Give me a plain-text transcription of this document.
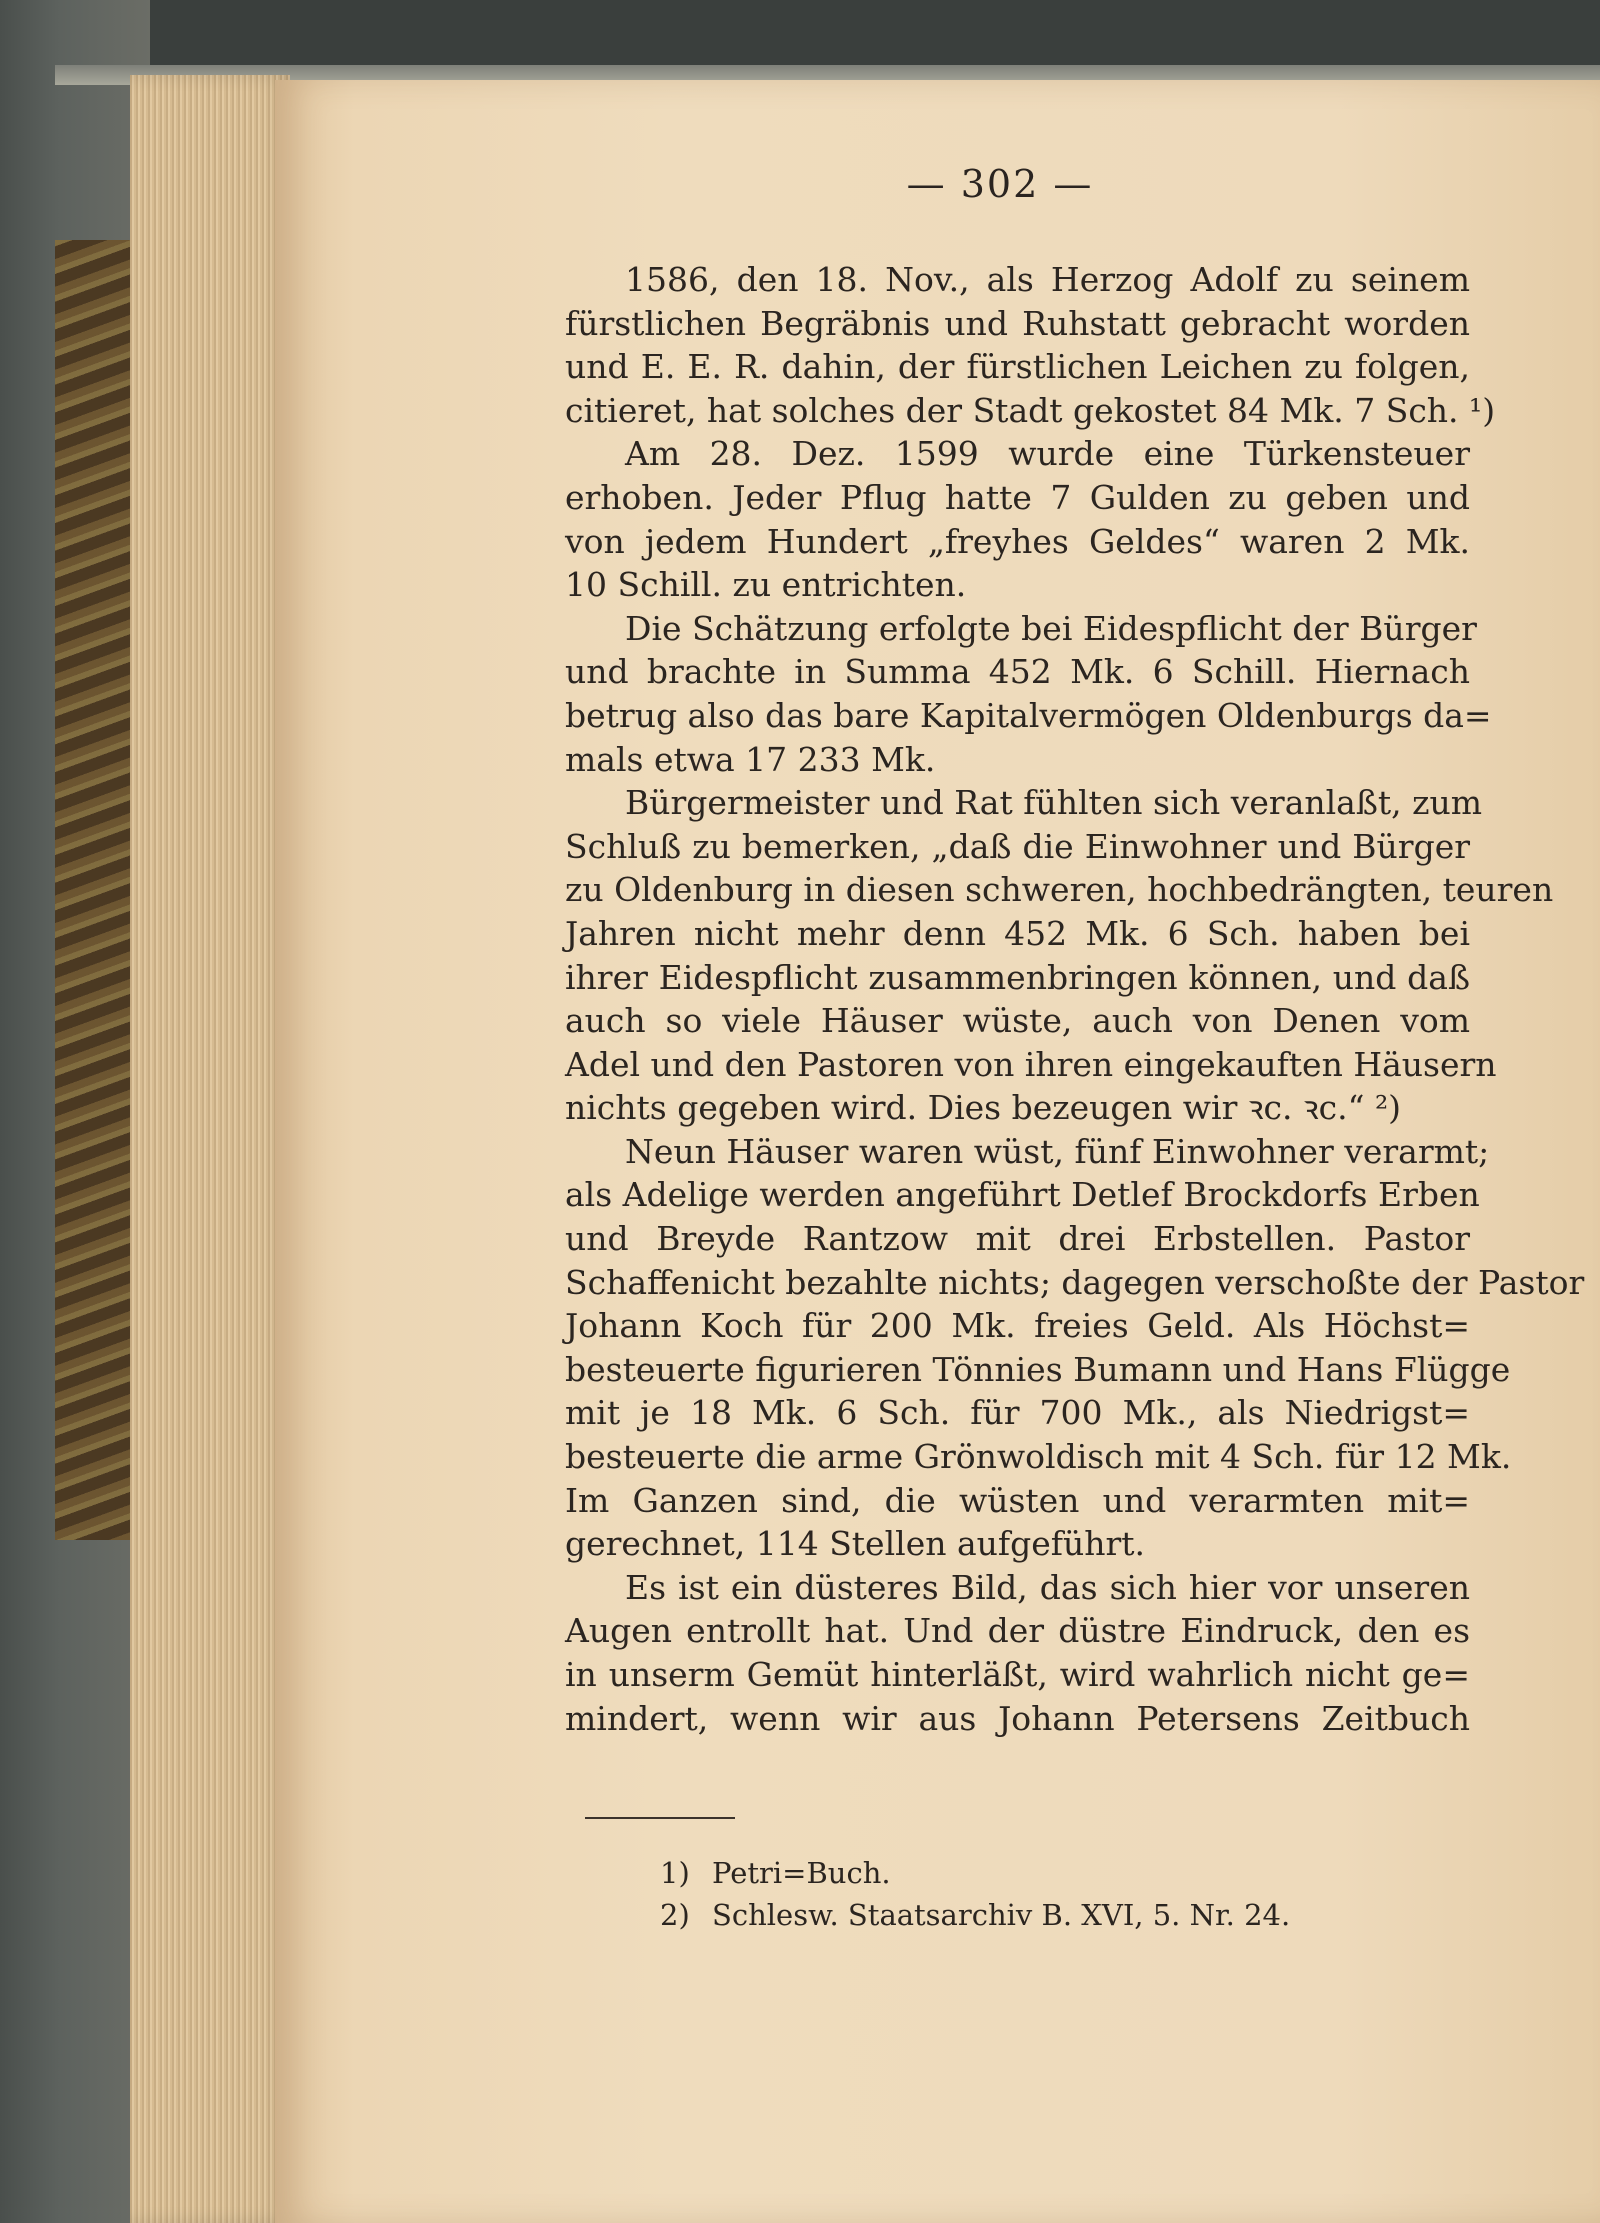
— 302 —
1586, den 18. Nov., als Herzog Adolf zu seinem
fürstlichen Begräbnis und Ruhstatt gebracht worden
und E. E. R. dahin, der fürstlichen Leichen zu folgen,
citieret, hat solches der Stadt gekostet 84 Mk. 7 Sch. ¹)
Am 28. Dez. 1599 wurde eine Türkensteuer
erhoben. Jeder Pflug hatte 7 Gulden zu geben und
von jedem Hundert „freyhes Geldes“ waren 2 Mk.
10 Schill. zu entrichten.
Die Schätzung erfolgte bei Eidespflicht der Bürger
und brachte in Summa 452 Mk. 6 Schill. Hiernach
betrug also das bare Kapitalvermögen Oldenburgs da=
mals etwa 17 233 Mk.
Bürgermeister und Rat fühlten sich veranlaßt, zum
Schluß zu bemerken, „daß die Einwohner und Bürger
zu Oldenburg in diesen schweren, hochbedrängten, teuren
Jahren nicht mehr denn 452 Mk. 6 Sch. haben bei
ihrer Eidespflicht zusammenbringen können, und daß
auch so viele Häuser wüste, auch von Denen vom
Adel und den Pastoren von ihren eingekauften Häusern
nichts gegeben wird. Dies bezeugen wir ꝛc. ꝛc.“ ²)
Neun Häuser waren wüst, fünf Einwohner verarmt;
als Adelige werden angeführt Detlef Brockdorfs Erben
und Breyde Rantzow mit drei Erbstellen. Pastor
Schaffenicht bezahlte nichts; dagegen verschoßte der Pastor
Johann Koch für 200 Mk. freies Geld. Als Höchst=
besteuerte figurieren Tönnies Bumann und Hans Flügge
mit je 18 Mk. 6 Sch. für 700 Mk., als Niedrigst=
besteuerte die arme Grönwoldisch mit 4 Sch. für 12 Mk.
Im Ganzen sind, die wüsten und verarmten mit=
gerechnet, 114 Stellen aufgeführt.
Es ist ein düsteres Bild, das sich hier vor unseren
Augen entrollt hat. Und der düstre Eindruck, den es
in unserm Gemüt hinterläßt, wird wahrlich nicht ge=
mindert, wenn wir aus Johann Petersens Zeitbuch
1) Petri=Buch.
2) Schlesw. Staatsarchiv B. XVI, 5. Nr. 24.
